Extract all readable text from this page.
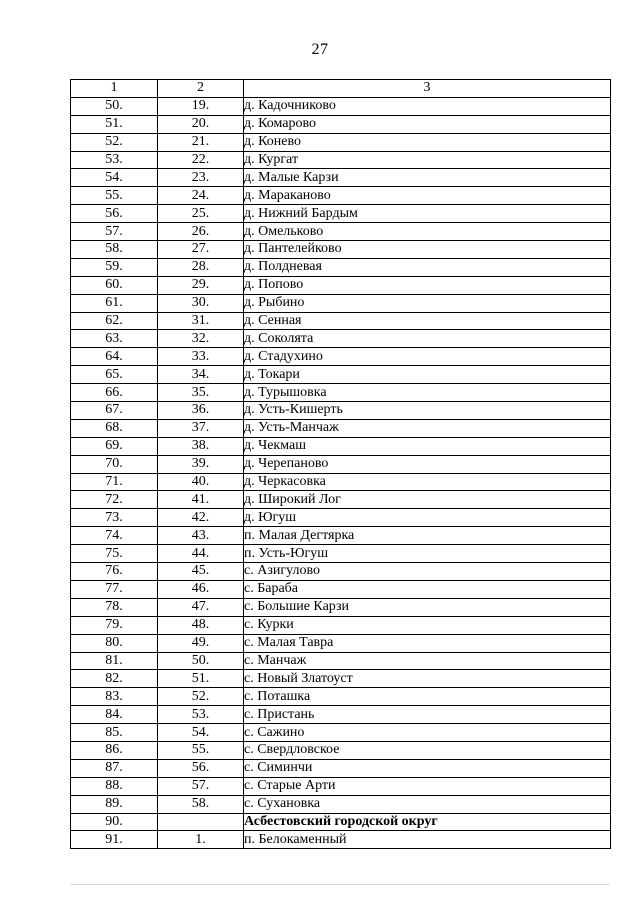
27
1	2	3
50.	19.	д. Кадочниково
51.	20.	д. Комарово
52.	21.	д. Конево
53.	22.	д. Кургат
54.	23.	д. Малые Карзи
55.	24.	д. Мараканово
56.	25.	д. Нижний Бардым
57.	26.	д. Омельково
58.	27.	д. Пантелейково
59.	28.	д. Полдневая
60.	29.	д. Попово
61.	30.	д. Рыбино
62.	31.	д. Сенная
63.	32.	д. Соколята
64.	33.	д. Стадухино
65.	34.	д. Токари
66.	35.	д. Турышовка
67.	36.	д. Усть-Кишерть
68.	37.	д. Усть-Манчаж
69.	38.	д. Чекмаш
70.	39.	д. Черепаново
71.	40.	д. Черкасовка
72.	41.	д. Широкий Лог
73.	42.	д. Югуш
74.	43.	п. Малая Дегтярка
75.	44.	п. Усть-Югуш
76.	45.	с. Азигулово
77.	46.	с. Бараба
78.	47.	с. Большие Карзи
79.	48.	с. Курки
80.	49.	с. Малая Тавра
81.	50.	с. Манчаж
82.	51.	с. Новый Златоуст
83.	52.	с. Поташка
84.	53.	с. Пристань
85.	54.	с. Сажино
86.	55.	с. Свердловское
87.	56.	с. Симинчи
88.	57.	с. Старые Арти
89.	58.	с. Сухановка
90.		Асбестовский городской округ
91.	1.	п. Белокаменный
